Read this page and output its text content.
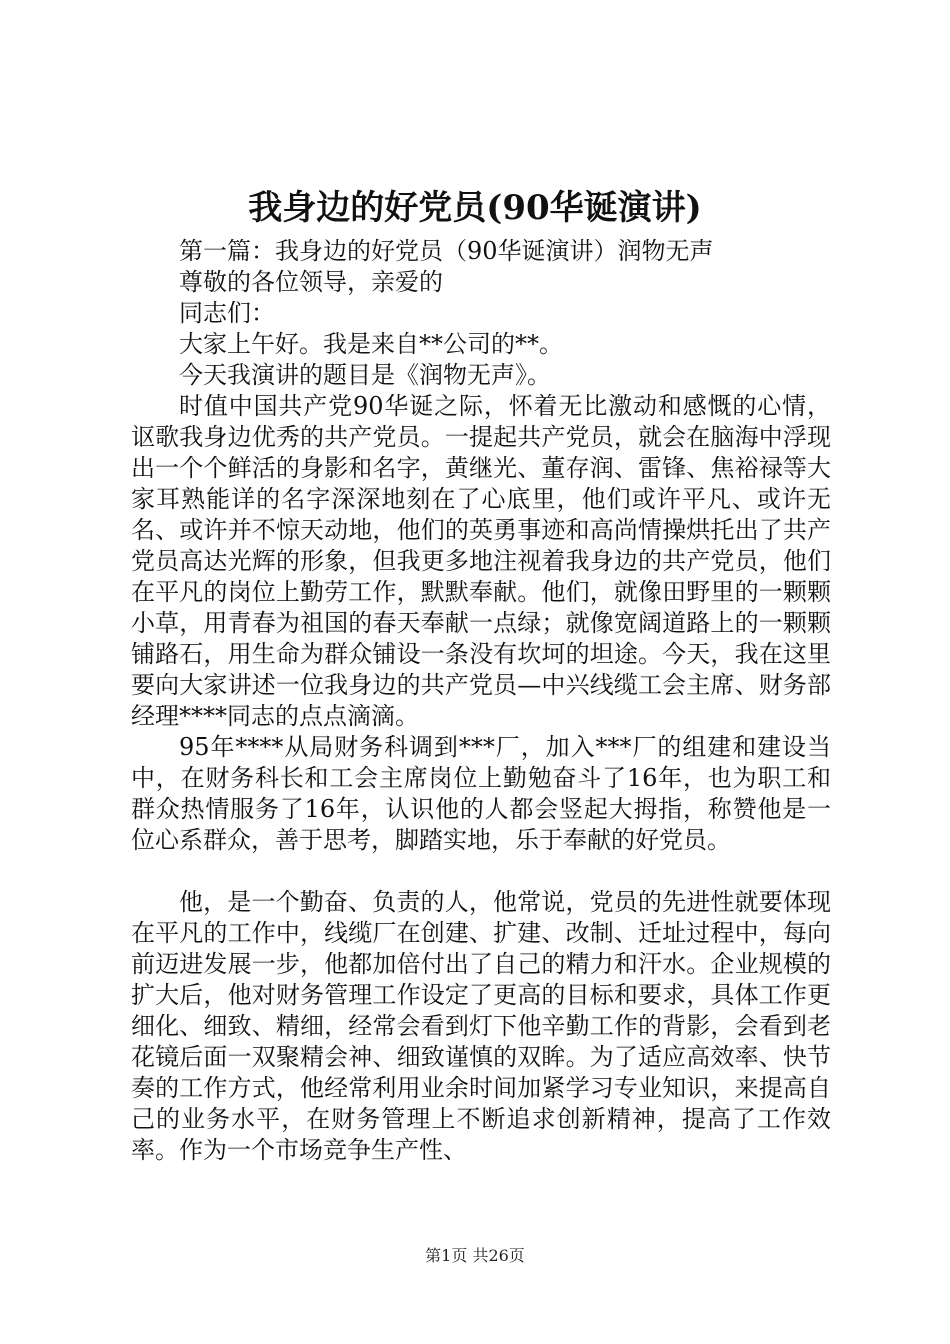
我身边的好党员(90华诞演讲)
第一篇：我身边的好党员（90华诞演讲）润物无声
尊敬的各位领导，亲爱的
同志们：
大家上午好。我是来自**公司的**。
今天我演讲的题目是《润物无声》。

时值中国共产党90华诞之际，怀着无比激动和感慨的心情，讴歌我身边优秀的共产党员。一提起共产党员，就会在脑海中浮现出一个个鲜活的身影和名字，黄继光、董存润、雷锋、焦裕禄等大家耳熟能详的名字深深地刻在了心底里，他们或许平凡、或许无名、或许并不惊天动地，他们的英勇事迹和高尚情操烘托出了共产党员高达光辉的形象，但我更多地注视着我身边的共产党员，他们在平凡的岗位上勤劳工作，默默奉献。他们，就像田野里的一颗颗小草，用青春为祖国的春天奉献一点绿；就像宽阔道路上的一颗颗铺路石，用生命为群众铺设一条没有坎坷的坦途。今天，我在这里要向大家讲述一位我身边的共产党员—中兴线缆工会主席、财务部经理****同志的点点滴滴。

95年****从局财务科调到***厂，加入***厂的组建和建设当中，在财务科长和工会主席岗位上勤勉奋斗了16年，也为职工和群众热情服务了16年，认识他的人都会竖起大拇指，称赞他是一位心系群众，善于思考，脚踏实地，乐于奉献的好党员。

他，是一个勤奋、负责的人，他常说，党员的先进性就要体现在平凡的工作中，线缆厂在创建、扩建、改制、迁址过程中，每向前迈进发展一步，他都加倍付出了自己的精力和汗水。企业规模的扩大后，他对财务管理工作设定了更高的目标和要求，具体工作更细化、细致、精细，经常会看到灯下他辛勤工作的背影，会看到老花镜后面一双聚精会神、细致谨慎的双眸。为了适应高效率、快节奏的工作方式，他经常利用业余时间加紧学习专业知识，来提高自己的业务水平，在财务管理上不断追求创新精神，提高了工作效率。作为一个市场竞争生产性、

第1页 共26页
